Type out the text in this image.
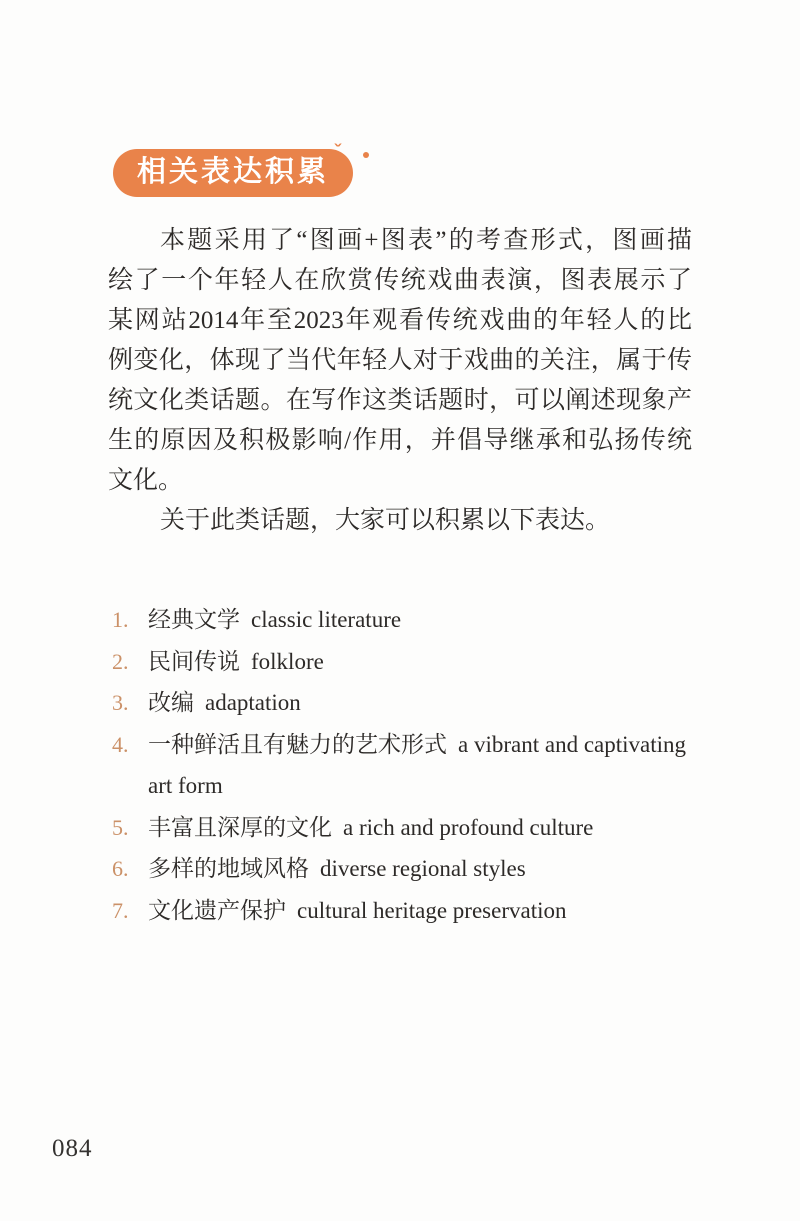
相关表达积累
ˇ
本题采用了“图画+图表”的考查形式，图画描
绘了一个年轻人在欣赏传统戏曲表演，图表展示了
某网站2014年至2023年观看传统戏曲的年轻人的比
例变化，体现了当代年轻人对于戏曲的关注，属于传
统文化类话题。在写作这类话题时，可以阐述现象产
生的原因及积极影响/作用，并倡导继承和弘扬传统
文化。
关于此类话题，大家可以积累以下表达。
1. 经典文学 classic literature
2. 民间传说 folklore
3. 改编 adaptation
4. 一种鲜活且有魅力的艺术形式 a vibrant and captivating art form
5. 丰富且深厚的文化 a rich and profound culture
6. 多样的地域风格 diverse regional styles
7. 文化遗产保护 cultural heritage preservation
084
